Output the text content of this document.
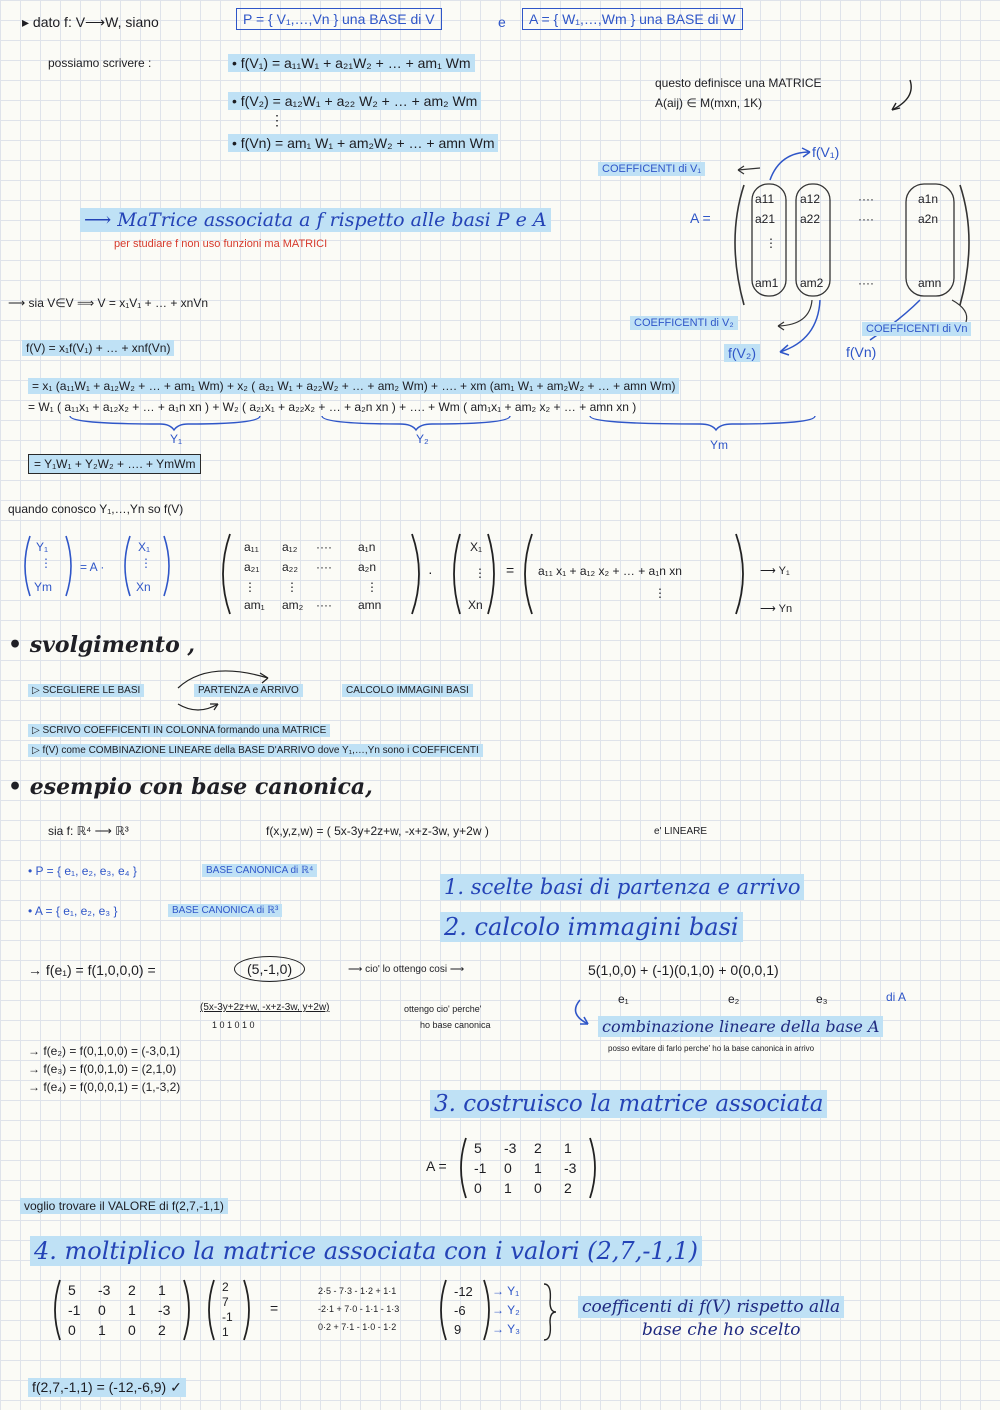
▸ dato f: V⟶W, siano	P = { V₁,…,Vn } una BASE di V	e	A = { W₁,…,Wm } una BASE di W
possiamo scrivere :	• f(V₁) = a₁₁W₁ + a₂₁W₂ + … + am₁ Wm
• f(V₂) = a₁₂W₁ + a₂₂ W₂ + … + am₂ Wm
⋮
• f(Vn) = am₁ W₁ + am₂W₂ + … + amn Wm
questo definisce una MATRICE
A(aij) ∈ M(mxn, 1K)
f(V₁)
COEFFICENTI di V₁
A =
a11 a12	····	a1n
a21 a22	····	a2n
⋮
am1 am2	····	amn
COEFFICENTI di V₂
f(V₂)
COEFFICENTI di Vn
f(Vn)
⟶ MaTrice associata a f rispetto alle basi P e A
per studiare f non uso funzioni ma MATRICI
⟶ sia V∈V ⟹ V = x₁V₁ + … + xnVn
f(V) = x₁f(V₁) + … + xnf(Vn)
= x₁ (a₁₁W₁ + a₁₂W₂ + … + am₁ Wm) + x₂ ( a₂₁ W₁ + a₂₂W₂ + … + am₂ Wm) + …. + xm (am₁ W₁ + am₂W₂ + … + amn Wm)
= W₁ ( a₁₁x₁ + a₁₂x₂ + … + a₁n xn ) + W₂ ( a₂₁x₁ + a₂₂x₂ + … + a₂n xn ) + …. + Wm ( am₁x₁ + am₂ x₂ + … + amn xn )
Y₁	Y₂	Ym
= Y₁W₁ + Y₂W₂ + …. + YmWm
quando conosco Y₁,…,Yn so f(V)
Y₁
⋮
Ym
= A ·
X₁
⋮
Xn
a₁₁ a₁₂ ···· a₁n
a₂₁ a₂₂ ···· a₂n
⋮	⋮	⋮
am₁ am₂ ···· amn
·
X₁
⋮
Xn
= a₁₁ x₁ + a₁₂ x₂ + … + a₁n xn
⋮
⟶ Y₁
⟶ Yn
• svolgimento ,
▷ SCEGLIERE LE BASI	PARTENZA e ARRIVO	CALCOLO IMMAGINI BASI
▷ SCRIVO COEFFICENTI IN COLONNA formando una MATRICE
▷ f(V) come COMBINAZIONE LINEARE della BASE D'ARRIVO dove Y₁,…,Yn sono i COEFFICENTI
• esempio con base canonica,
sia f: ℝ⁴ ⟶ ℝ³	f(x,y,z,w) = ( 5x-3y+2z+w, -x+z-3w, y+2w )	e' LINEARE
• P = { e₁, e₂, e₃, e₄ }	BASE CANONICA di ℝ⁴
• A = { e₁, e₂, e₃ }	BASE CANONICA di ℝ³
1. scelte basi di partenza e arrivo
2. calcolo immagini basi
→ f(e₁) = f(1,0,0,0) =	(5,-1,0)	⟶ cio' lo ottengo cosi ⟶	5(1,0,0) + (-1)(0,1,0) + 0(0,0,1)
e₁	e₂	e₃	di A
(5x-3y+2z+w, -x+z-3w, y+2w)
1 0 1 0 1 0
ottengo cio' perche'
ho base canonica	combinazione lineare della base A
posso evitare di farlo perche' ho la base canonica in arrivo
→ f(e₂) = f(0,1,0,0) = (-3,0,1)
→ f(e₃) = f(0,0,1,0) = (2,1,0)
→ f(e₄) = f(0,0,0,1) = (1,-3,2)
3. costruisco la matrice associata
A =
5 -3 2 1
-1 0 1 -3
0 1 0 2
voglio trovare il VALORE di f(2,7,-1,1)
4. moltiplico la matrice associata con i valori (2,7,-1,1)
5 -3 2 1
-1 0 1 -3
0 1 0 2
2
7
-1
1
=
2·5 - 7·3 - 1·2 + 1·1
-2·1 + 7·0 - 1·1 - 1·3
0·2 + 7·1 - 1·0 - 1·2
-12
-6
9
→ Y₁
→ Y₂
→ Y₃
coefficenti di f(V) rispetto alla
base che ho scelto
f(2,7,-1,1) = (-12,-6,9) ✓
